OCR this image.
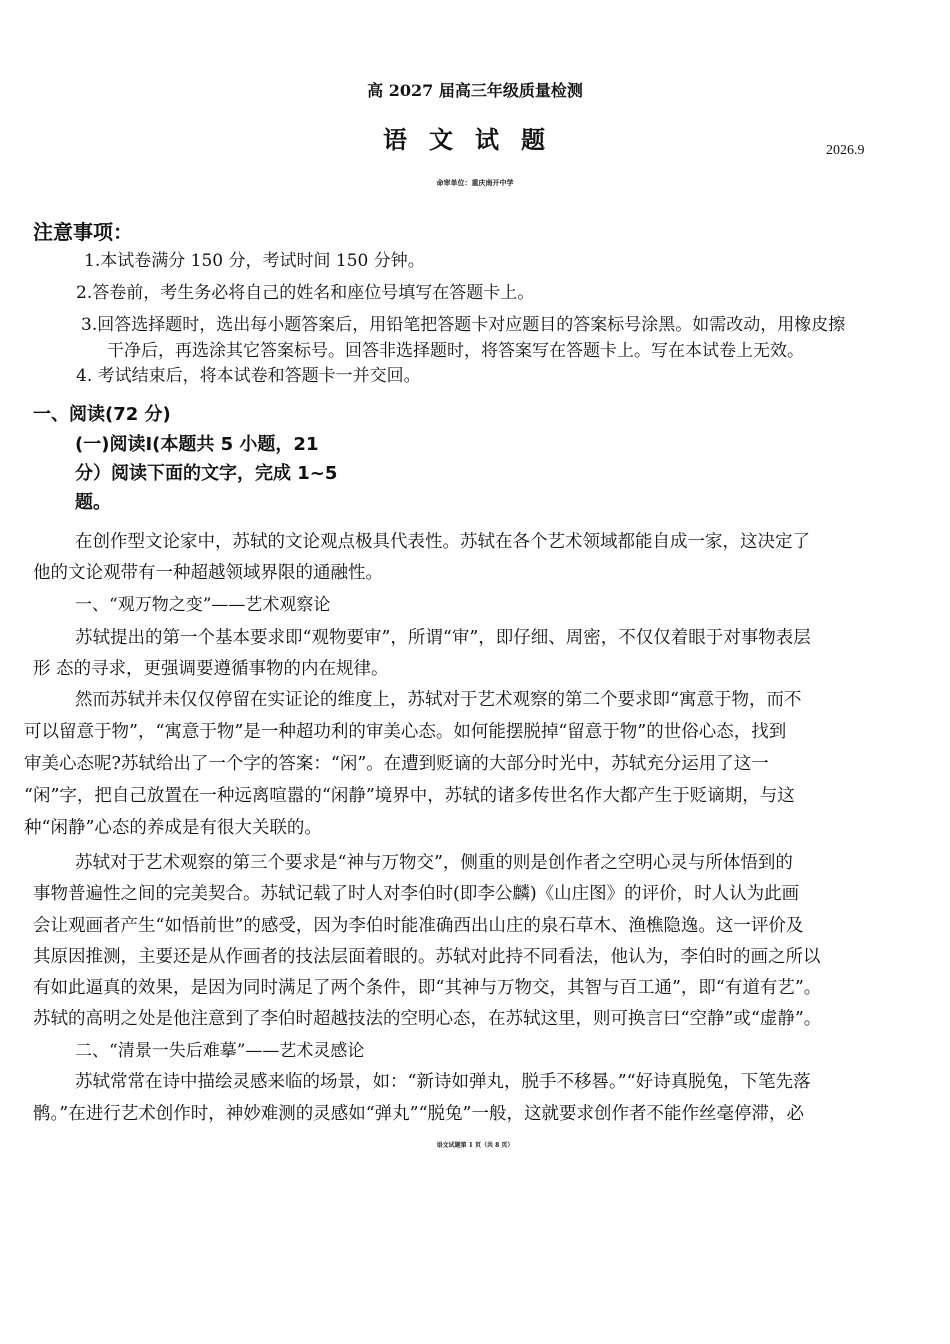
高 2027 届高三年级质量检测
语文试题	2026.9
命审单位：重庆南开中学
注意事项：
1.本试卷满分 150 分，考试时间 150 分钟。
2.答卷前，考生务必将自己的姓名和座位号填写在答题卡上。
3.回答选择题时，选出每小题答案后，用铅笔把答题卡对应题目的答案标号涂黑。如需改动，用橡皮擦
干净后，再选涂其它答案标号。回答非选择题时，将答案写在答题卡上。写在本试卷上无效。
4. 考试结束后，将本试卷和答题卡一并交回。
一、阅读(72 分)
(一)阅读Ⅰ(本题共 5 小题，21
分）阅读下面的文字，完成 1~5
题。
在创作型文论家中，苏轼的文论观点极具代表性。苏轼在各个艺术领域都能自成一家，这决定了
他的文论观带有一种超越领域界限的通融性。
一、“观万物之变”——艺术观察论
苏轼提出的第一个基本要求即“观物要审”，所谓“审”，即仔细、周密，不仅仅着眼于对事物表层
形 态的寻求，更强调要遵循事物的内在规律。
然而苏轼并未仅仅停留在实证论的维度上，苏轼对于艺术观察的第二个要求即“寓意于物，而不
可以留意于物”，“寓意于物”是一种超功利的审美心态。如何能摆脱掉“留意于物”的世俗心态，找到
审美心态呢?苏轼给出了一个字的答案：“闲”。在遭到贬谪的大部分时光中，苏轼充分运用了这一
“闲”字，把自己放置在一种远离喧嚣的“闲静”境界中，苏轼的诸多传世名作大都产生于贬谪期，与这
种“闲静”心态的养成是有很大关联的。
苏轼对于艺术观察的第三个要求是“神与万物交”，侧重的则是创作者之空明心灵与所体悟到的
事物普遍性之间的完美契合。苏轼记载了时人对李伯时(即李公麟)《山庄图》的评价，时人认为此画
会让观画者产生“如悟前世”的感受，因为李伯时能准确西出山庄的泉石草木、渔樵隐逸。这一评价及
其原因推测，主要还是从作画者的技法层面着眼的。苏轼对此持不同看法，他认为，李伯时的画之所以
有如此逼真的效果，是因为同时满足了两个条件，即“其神与万物交，其智与百工通”，即“有道有艺”。
苏轼的高明之处是他注意到了李伯时超越技法的空明心态，在苏轼这里，则可换言曰“空静”或“虚静”。
二、“清景一失后难摹”——艺术灵感论
苏轼常常在诗中描绘灵感来临的场景，如：“新诗如弹丸，脱手不移晷。”“好诗真脱兔，下笔先落
鹘。”在进行艺术创作时，神妙难测的灵感如“弹丸”“脱兔”一般，这就要求创作者不能作丝毫停滞，必
语文试题第 1 页（共 8 页）
